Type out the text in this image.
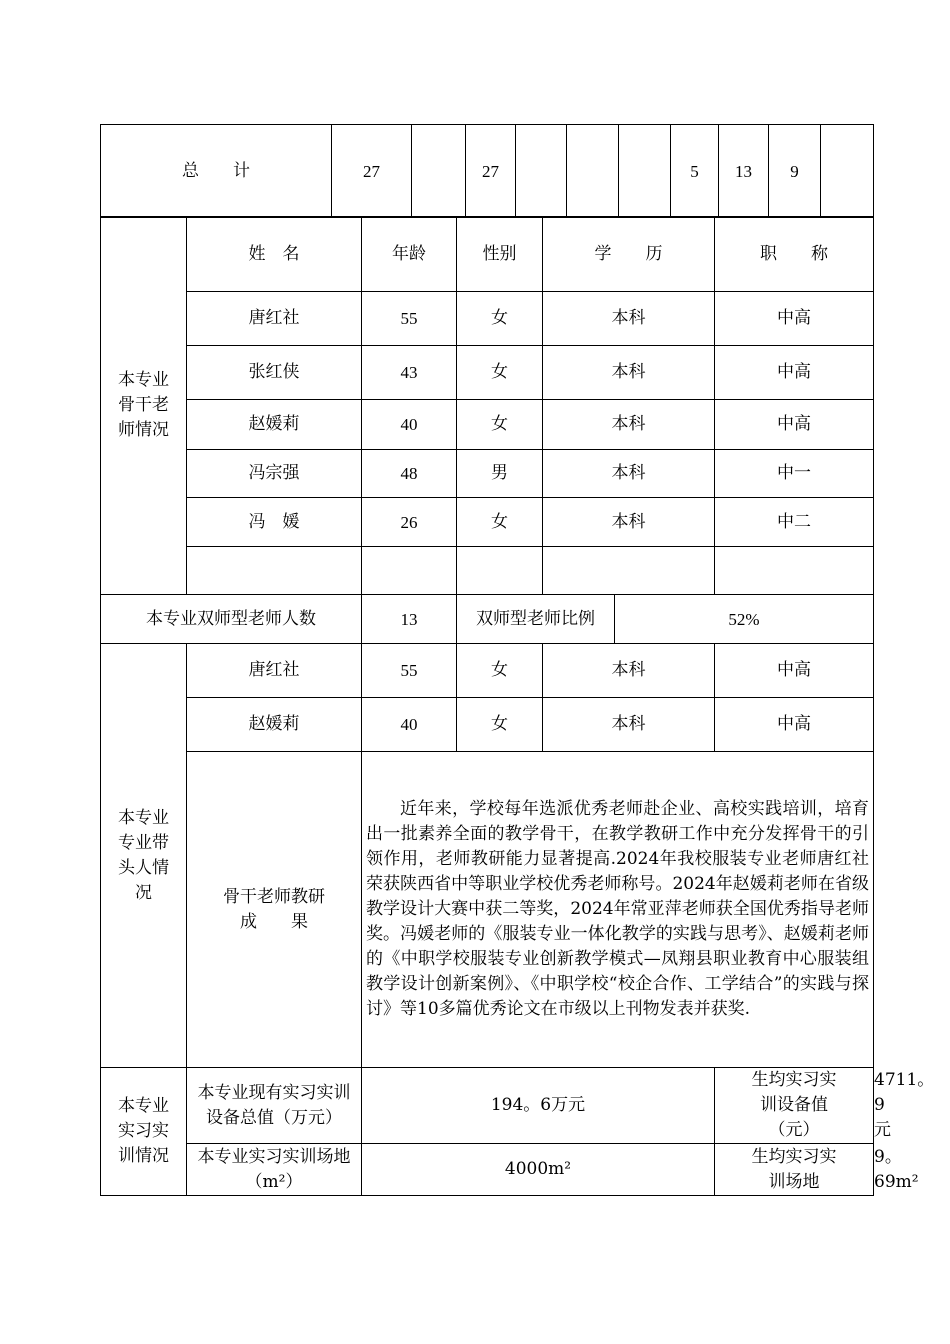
总　　计	27		27				5	13	9	
本专业骨干老师情况	姓　名	年龄	性别	学　　历		职　　称	
	唐红社	55	女	本科		中高	
	张红侠	43	女	本科		中高	
	赵媛莉	40	女	本科		中高	
	冯宗强	48	男	本科		中一	
	冯　媛	26	女	本科		中二	

本专业双师型老师人数		13	双师型老师比例		52%		
本专业专业带头人情况	唐红社	55	女	本科		中高	
	赵媛莉	40	女	本科		中高	

	骨干老师教研
成　　果	近年来，学校每年选派优秀老师赴企业、高校实践培训，培育出一批素养全面的教学骨干，在教学教研工作中充分发挥骨干的引领作用，老师教研能力显著提高.2024年我校服装专业老师唐红社荣获陕西省中等职业学校优秀老师称号。2024年赵媛莉老师在省级教学设计大赛中获二等奖，2024年常亚萍老师获全国优秀指导老师奖。冯媛老师的《服装专业一体化教学的实践与思考》、赵媛莉老师的《中职学校服装专业创新教学模式—凤翔县职业教育中心服装组教学设计创新案例》、《中职学校“校企合作、工学结合”的实践与探讨》等10多篇优秀论文在市级以上刊物发表并获奖.					
本专业实习实训情况	本专业现有实习实训设备总值（万元）	194。6万元				生均实习实训设备值（元）	4711。9元
	本专业实习实训场地（m²）	4000m²				生均实习实训场地	9。69m²
